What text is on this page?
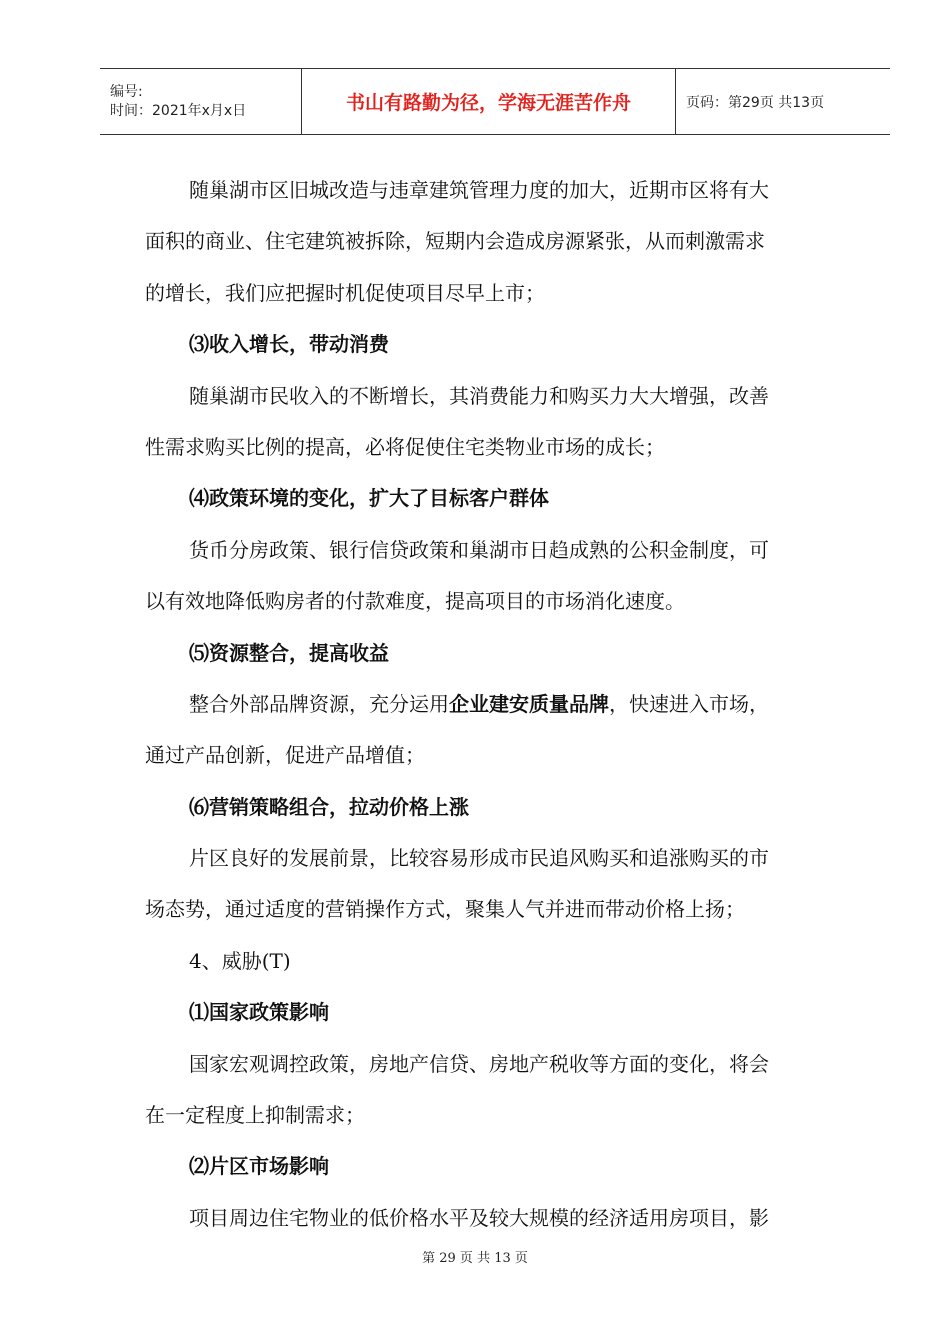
编号:
时间：2021年x月x日	书山有路勤为径，学海无涯苦作舟	页码：第29页 共13页
随巢湖市区旧城改造与违章建筑管理力度的加大，近期市区将有大
面积的商业、住宅建筑被拆除，短期内会造成房源紧张，从而刺激需求
的增长，我们应把握时机促使项目尽早上市；
⑶收入增长，带动消费
随巢湖市民收入的不断增长，其消费能力和购买力大大增强，改善
性需求购买比例的提高，必将促使住宅类物业市场的成长；
⑷政策环境的变化，扩大了目标客户群体
货币分房政策、银行信贷政策和巢湖市日趋成熟的公积金制度，可
以有效地降低购房者的付款难度，提高项目的市场消化速度。
⑸资源整合，提高收益
整合外部品牌资源，充分运用企业建安质量品牌，快速进入市场，
通过产品创新，促进产品增值；
⑹营销策略组合，拉动价格上涨
片区良好的发展前景，比较容易形成市民追风购买和追涨购买的市
场态势，通过适度的营销操作方式，聚集人气并进而带动价格上扬；
4、威胁(T)
⑴国家政策影响
国家宏观调控政策，房地产信贷、房地产税收等方面的变化，将会
在一定程度上抑制需求；
⑵片区市场影响
项目周边住宅物业的低价格水平及较大规模的经济适用房项目，影
第 29 页 共 13 页
